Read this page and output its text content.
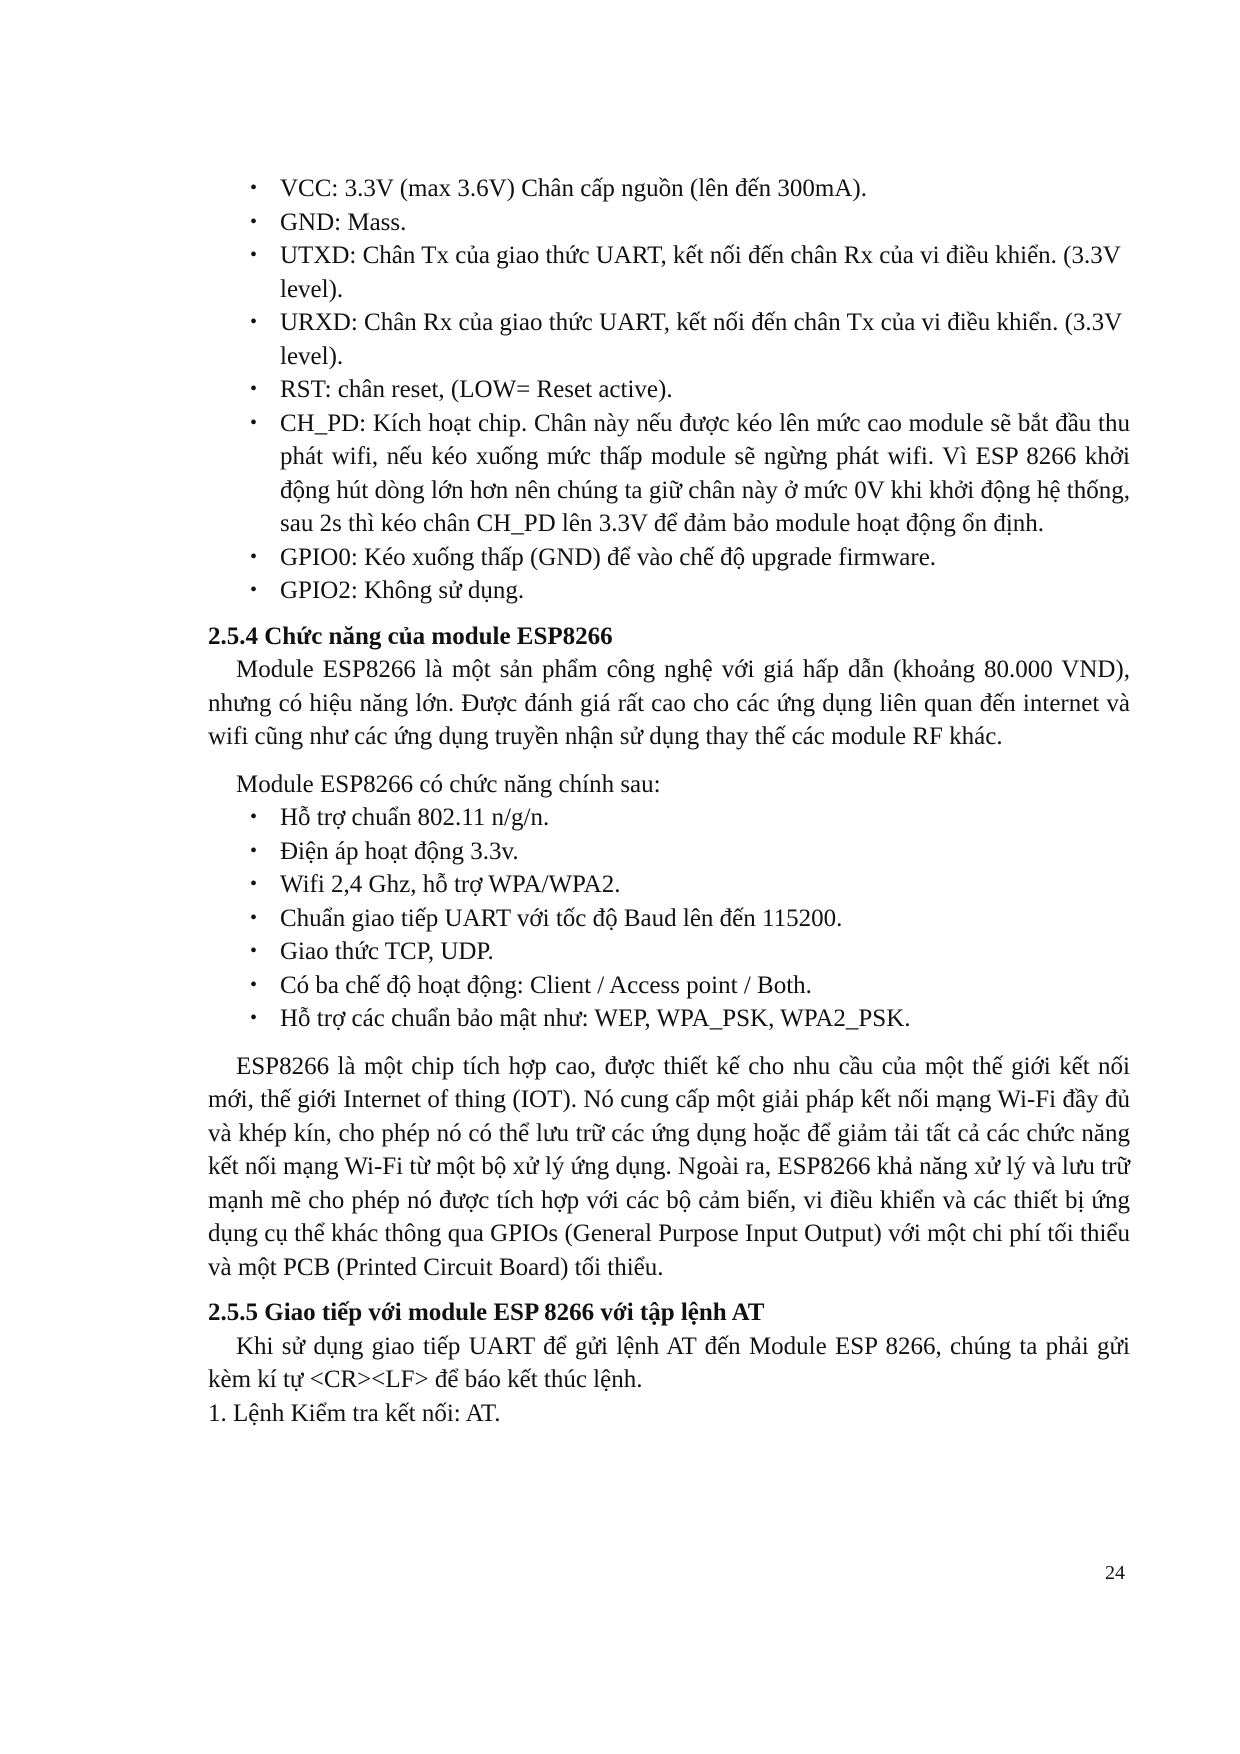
• VCC: 3.3V (max 3.6V) Chân cấp nguồn (lên đến 300mA).
• GND: Mass.
• UTXD: Chân Tx của giao thức UART, kết nối đến chân Rx của vi điều khiển. (3.3V level).
• URXD: Chân Rx của giao thức UART, kết nối đến chân Tx của vi điều khiển. (3.3V level).
• RST: chân reset, (LOW= Reset active).
• CH_PD: Kích hoạt chip. Chân này nếu được kéo lên mức cao module sẽ bắt đầu thu phát wifi, nếu kéo xuống mức thấp module sẽ ngừng phát wifi. Vì ESP 8266 khởi động hút dòng lớn hơn nên chúng ta giữ chân này ở mức 0V khi khởi động hệ thống, sau 2s thì kéo chân CH_PD lên 3.3V để đảm bảo module hoạt động ổn định.
• GPIO0: Kéo xuống thấp (GND) để vào chế độ upgrade firmware.
• GPIO2: Không sử dụng.
2.5.4 Chức năng của module ESP8266

Module ESP8266 là một sản phẩm công nghệ với giá hấp dẫn (khoảng 80.000 VND), nhưng có hiệu năng lớn. Được đánh giá rất cao cho các ứng dụng liên quan đến internet và wifi cũng như các ứng dụng truyền nhận sử dụng thay thế các module RF khác.

Module ESP8266 có chức năng chính sau:

• Hỗ trợ chuẩn 802.11 n/g/n.
• Điện áp hoạt động 3.3v.
• Wifi 2,4 Ghz, hỗ trợ WPA/WPA2.
• Chuẩn giao tiếp UART với tốc độ Baud lên đến 115200.
• Giao thức TCP, UDP.
• Có ba chế độ hoạt động: Client / Access point / Both.
• Hỗ trợ các chuẩn bảo mật như: WEP, WPA_PSK, WPA2_PSK.

ESP8266 là một chip tích hợp cao, được thiết kế cho nhu cầu của một thế giới kết nối mới, thế giới Internet of thing (IOT). Nó cung cấp một giải pháp kết nối mạng Wi-Fi đầy đủ và khép kín, cho phép nó có thể lưu trữ các ứng dụng hoặc để giảm tải tất cả các chức năng kết nối mạng Wi-Fi từ một bộ xử lý ứng dụng. Ngoài ra, ESP8266 khả năng xử lý và lưu trữ mạnh mẽ cho phép nó được tích hợp với các bộ cảm biến, vi điều khiển và các thiết bị ứng dụng cụ thể khác thông qua GPIOs (General Purpose Input Output) với một chi phí tối thiểu và một PCB (Printed Circuit Board) tối thiểu.

2.5.5 Giao tiếp với module ESP 8266 với tập lệnh AT

Khi sử dụng giao tiếp UART để gửi lệnh AT đến Module ESP 8266, chúng ta phải gửi kèm kí tự <CR><LF> để báo kết thúc lệnh.

1. Lệnh Kiểm tra kết nối: AT.

24
